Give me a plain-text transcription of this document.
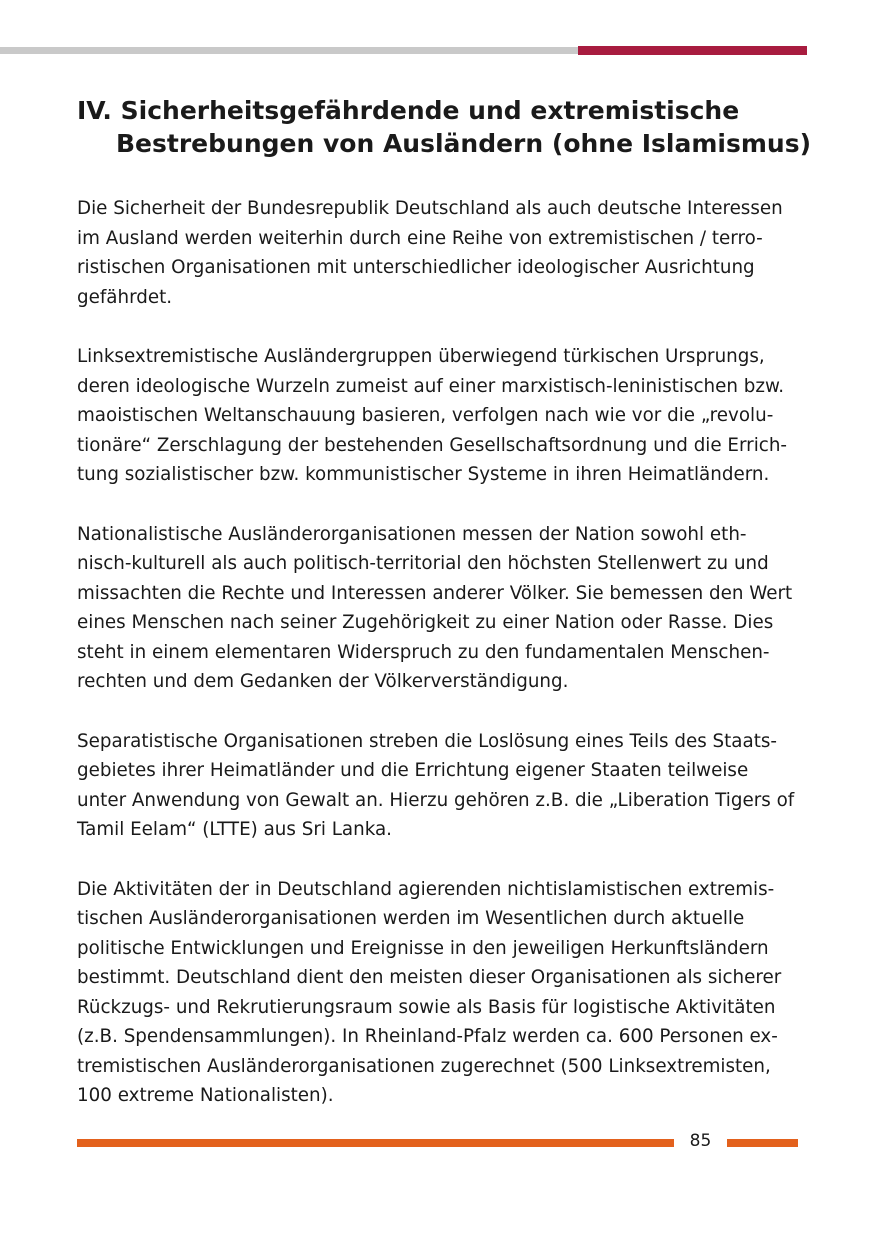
IV. Sicherheitsgefährdende und extremistische
Bestrebungen von Ausländern (ohne Islamismus)

Die Sicherheit der Bundesrepublik Deutschland als auch deutsche Interessen
im Ausland werden weiterhin durch eine Reihe von extremistischen / terro-
ristischen Organisationen mit unterschiedlicher ideologischer Ausrichtung
gefährdet.

Linksextremistische Ausländergruppen überwiegend türkischen Ursprungs,
deren ideologische Wurzeln zumeist auf einer marxistisch-leninistischen bzw.
maoistischen Weltanschauung basieren, verfolgen nach wie vor die „revolu-
tionäre“ Zerschlagung der bestehenden Gesellschaftsordnung und die Errich-
tung sozialistischer bzw. kommunistischer Systeme in ihren Heimatländern.

Nationalistische Ausländerorganisationen messen der Nation sowohl eth-
nisch-kulturell als auch politisch-territorial den höchsten Stellenwert zu und
missachten die Rechte und Interessen anderer Völker. Sie bemessen den Wert
eines Menschen nach seiner Zugehörigkeit zu einer Nation oder Rasse. Dies
steht in einem elementaren Widerspruch zu den fundamentalen Menschen-
rechten und dem Gedanken der Völkerverständigung.

Separatistische Organisationen streben die Loslösung eines Teils des Staats-
gebietes ihrer Heimatländer und die Errichtung eigener Staaten teilweise
unter Anwendung von Gewalt an. Hierzu gehören z.B. die „Liberation Tigers of
Tamil Eelam“ (LTTE) aus Sri Lanka.

Die Aktivitäten der in Deutschland agierenden nichtislamistischen extremis-
tischen Ausländerorganisationen werden im Wesentlichen durch aktuelle
politische Entwicklungen und Ereignisse in den jeweiligen Herkunftsländern
bestimmt. Deutschland dient den meisten dieser Organisationen als sicherer
Rückzugs- und Rekrutierungsraum sowie als Basis für logistische Aktivitäten
(z.B. Spendensammlungen). In Rheinland-Pfalz werden ca. 600 Personen ex-
tremistischen Ausländerorganisationen zugerechnet (500 Linksextremisten,
100 extreme Nationalisten).

85
